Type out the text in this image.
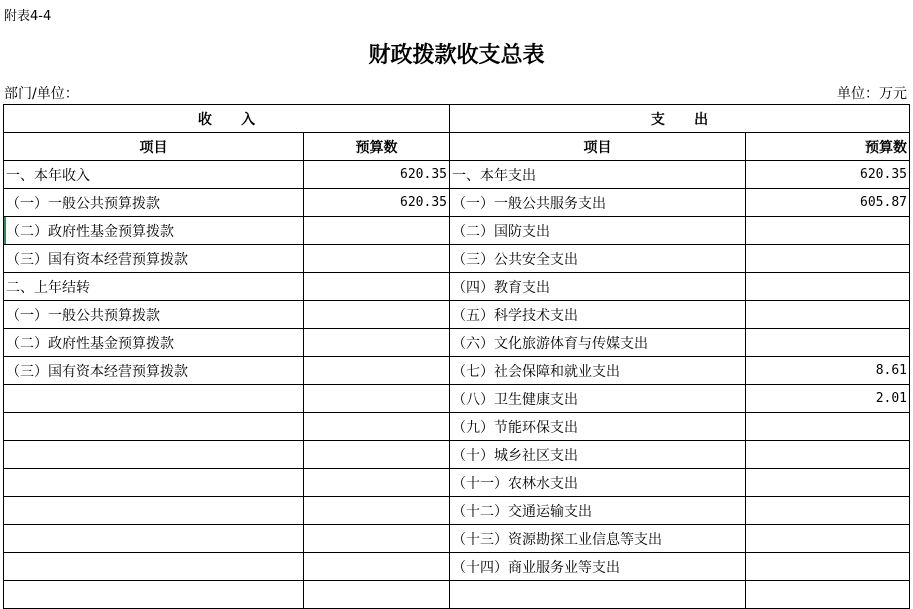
附表4-4
财政拨款收支总表
部门/单位：	单位：万元
收      入		支      出	
项目	预算数	项目	预算数
一、本年收入	620.35	一、本年支出	620.35
（一）一般公共预算拨款	620.35	（一）一般公共服务支出	605.87
（二）政府性基金预算拨款		（二）国防支出	
（三）国有资本经营预算拨款		（三）公共安全支出	
二、上年结转		（四）教育支出	
（一）一般公共预算拨款		（五）科学技术支出	
（二）政府性基金预算拨款		（六）文化旅游体育与传媒支出	
（三）国有资本经营预算拨款		（七）社会保障和就业支出	8.61
		（八）卫生健康支出	2.01
		（九）节能环保支出	
		（十）城乡社区支出	
		（十一）农林水支出	
		（十二）交通运输支出	
		（十三）资源勘探工业信息等支出	
		（十四）商业服务业等支出	
